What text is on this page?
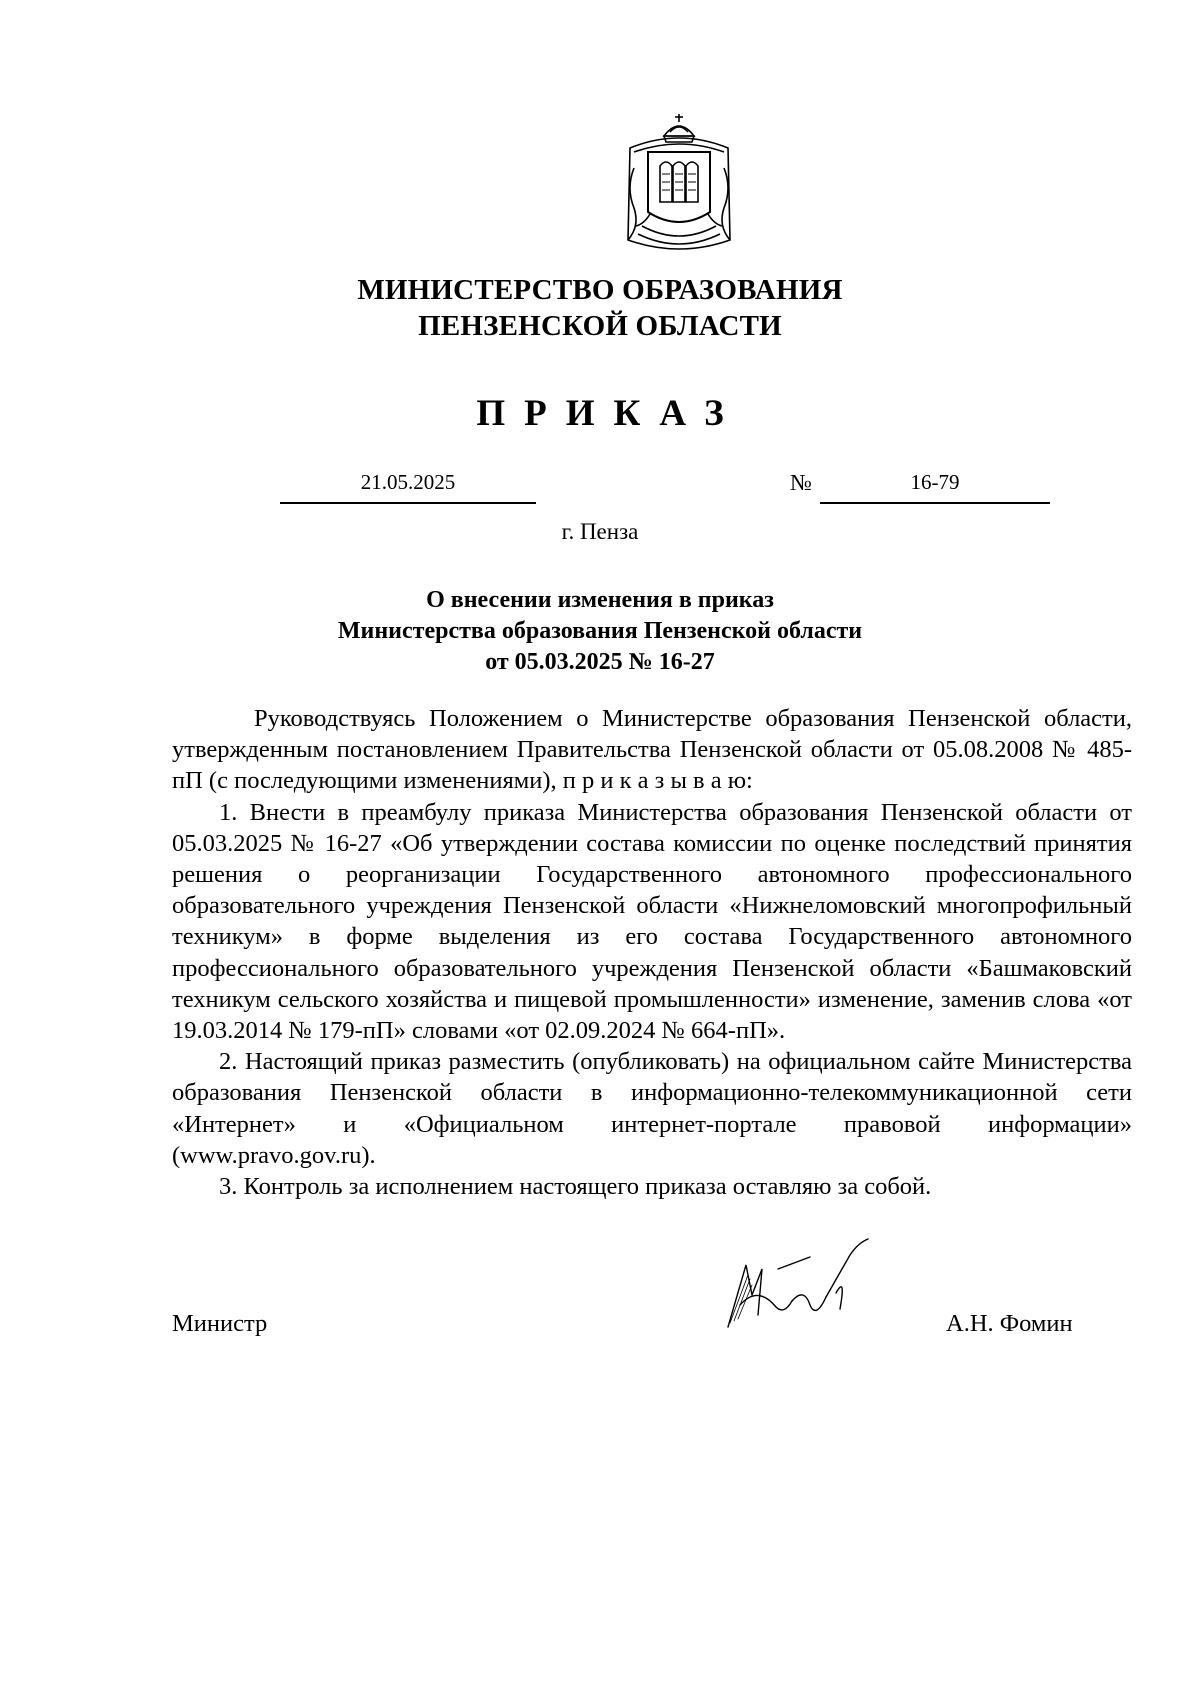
МИНИСТЕРСТВО ОБРАЗОВАНИЯ
ПЕНЗЕНСКОЙ ОБЛАСТИ
ПРИКАЗ
21.05.2025	№	16-79
г. Пенза
О внесении изменения в приказ
Министерства образования Пензенской области
от 05.03.2025 № 16-27

Руководствуясь Положением о Министерстве образования Пензенской области, утвержденным постановлением Правительства Пензенской области от 05.08.2008 № 485-пП (с последующими изменениями), п р и к а з ы в а ю:

1. Внести в преамбулу приказа Министерства образования Пензенской области от 05.03.2025 № 16-27 «Об утверждении состава комиссии по оценке последствий принятия решения о реорганизации Государственного автономного профессионального образовательного учреждения Пензенской области «Нижнеломовский многопрофильный техникум» в форме выделения из его состава Государственного автономного профессионального образовательного учреждения Пензенской области «Башмаковский техникум сельского хозяйства и пищевой промышленности» изменение, заменив слова «от 19.03.2014 № 179-пП» словами «от 02.09.2024 № 664-пП».

2. Настоящий приказ разместить (опубликовать) на официальном сайте Министерства образования Пензенской области в информационно-телекоммуникационной сети «Интернет» и «Официальном интернет-портале правовой информации» (www.pravo.gov.ru).

3. Контроль за исполнением настоящего приказа оставляю за собой.

Министр	А.Н. Фомин
